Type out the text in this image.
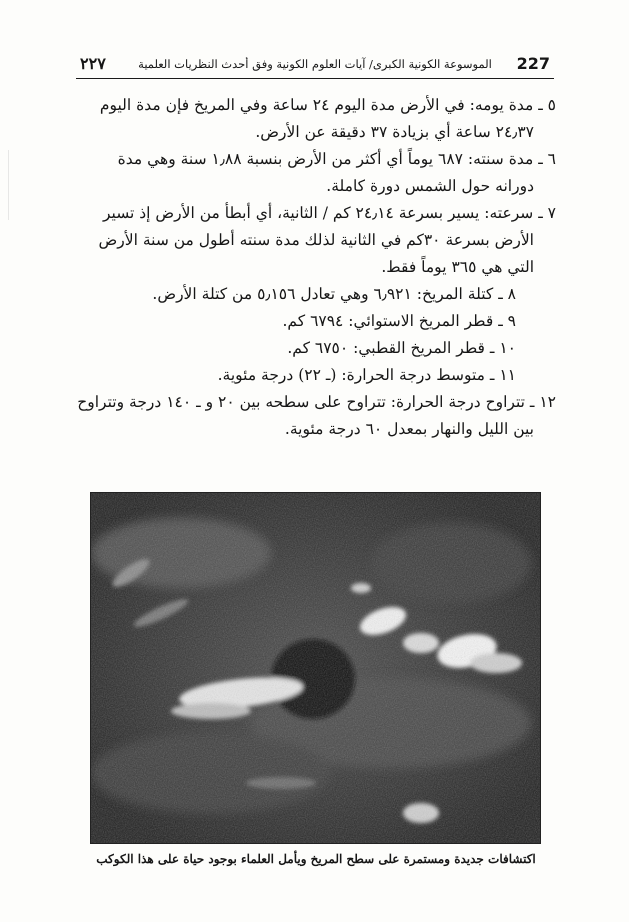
227
الموسوعة الكونية الكبرى/ آيات العلوم الكونية وفق أحدث النظريات العلمية
٢٢٧

٥ ـ مدة يومه: في الأرض مدة اليوم ٢٤ ساعة وفي المريخ فإن مدة اليوم ٢٤٫٣٧ ساعة أي بزيادة ٣٧ دقيقة عن الأرض.

٦ ـ مدة سنته: ٦٨٧ يوماً أي أكثر من الأرض بنسبة ١٫٨٨ سنة وهي مدة دورانه حول الشمس دورة كاملة.

٧ ـ سرعته: يسير بسرعة ٢٤٫١٤ كم / الثانية، أي أبطأ من الأرض إذ تسير الأرض بسرعة ٣٠كم في الثانية لذلك مدة سنته أطول من سنة الأرض التي هي ٣٦٥ يوماً فقط.

٨ ـ كتلة المريخ: ٦٫٩٢١ وهي تعادل ٥٫١٥٦ من كتلة الأرض.

٩ ـ قطر المريخ الاستوائي: ٦٧٩٤ كم.

١٠ ـ قطر المريخ القطبي: ٦٧٥٠ كم.

١١ ـ متوسط درجة الحرارة: (ـ ٢٢) درجة مئوية.

١٢ ـ تتراوح درجة الحرارة: تتراوح على سطحه بين ٢٠ و ـ ١٤٠ درجة وتتراوح بين الليل والنهار بمعدل ٦٠ درجة مئوية.

اكتشافات جديدة ومستمرة على سطح المريخ ويأمل العلماء بوجود حياة على هذا الكوكب
